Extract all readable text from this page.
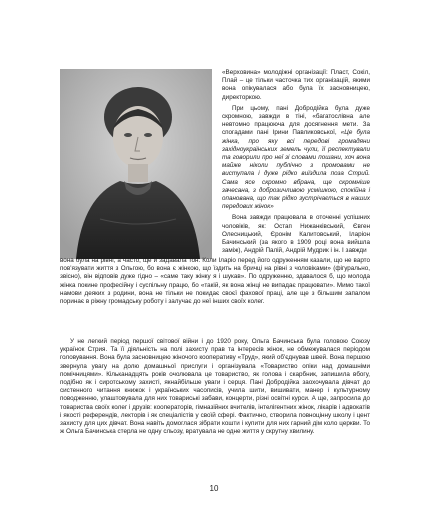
«Верховина» молодіжні організації: Пласт, Сокіл, Плай – це тільки часточка тих організацій, якими вона опікувалася або була їх засновницею, директоркою.

При цьому, пані Добродійка була дуже скромною, завжди в тіні, «багатослівна але невтомно працююча для досягнення мети. За спогадами пані Ірини Павликовської, «Це була жінка, про яку всі передові громадяни західноукраїнських земель чули, її респектували та говорили про неї зі словами пошани, хоч вона майже ніколи публічно з промовами не виступала і дуже рідко виїздила поза Стрий. Сама ясе скромно вбрана, ще скромніше зачесана, з доброзичливою усмішкою, спокійна і опанована, що так рідко зустрічається в наших передових жінок»

Вона завжди працювала в оточенні успішних чоловіків, як: Остап Нижанківський, Євген Олесницький, Єронім Калитовський, Іларіон Бачинський (за якого в 1909 році вона вийшла заміж), Андрій Палій, Андрій Мудрик і ін. І завжди

вона була на рівні, а часто, ще й задавала тон. Коли Іларіо перед його одруженням казали, що не варто пов'язувати життя з Ольгою, бо вона є жінкою, що їздить на бричці на рівні з чоловіками» (фігурально, звісно), він відповів дуже гідно – «саме таку жінку я і шукав». По одруженню, здавалося б, що молода жінка покине професійну і суспільну працю, бо «такій, як вона жінці не випадає працювати». Мимо такої намови деяких з родини, вона не тільки не покидає своєї фахової праці, але ще з більшим запалом поринає в ріжну громадську роботу і залучає до неї інших своїх колег.

У не легкий період першої світової війни і до 1920 року, Ольга Бачинська була головою Союзу українок Стрия. Та її діяльність на полі захисту прав та інтересів жінок, не обмежувалася періодом головування. Вона була засновницею жіночого кооперативу «Труд», який об'єднував швей. Вона першою звернула увагу на долю домашньої прислуги і організувала «Товариство опіки над домашніми помічницями». Кільканадцять років очолювала це товариство, як голова і скарбник, запишила вбогу, подібно як і сиротському захисті, якнайбільше уваги і серця. Пані Добродійка заохочувала дівчат до систенного читання книжок і українських часописів, учила шити, вишивати, манер і культурному поводженню, улаштовувала для них товариські забави, концерти, різні освітні курси. А ще, запросила до товариства своїх колег і друзів: кооператорів, гімназійних вчителів, інтелігентних жінок, лікарів і адвокатів і якості референдів, лекторів і як спеціалістів у своїй сфері. Фактично, створила повноцінну школу і цент захисту для цих дівчат. Вона навіть домоглася зібрати кошти і купити для них гарний дім коло церкви. То ж Ольга Бачинська стерла не одну сльозу, вратувала не одне життя у скрутну хвилину.

10
